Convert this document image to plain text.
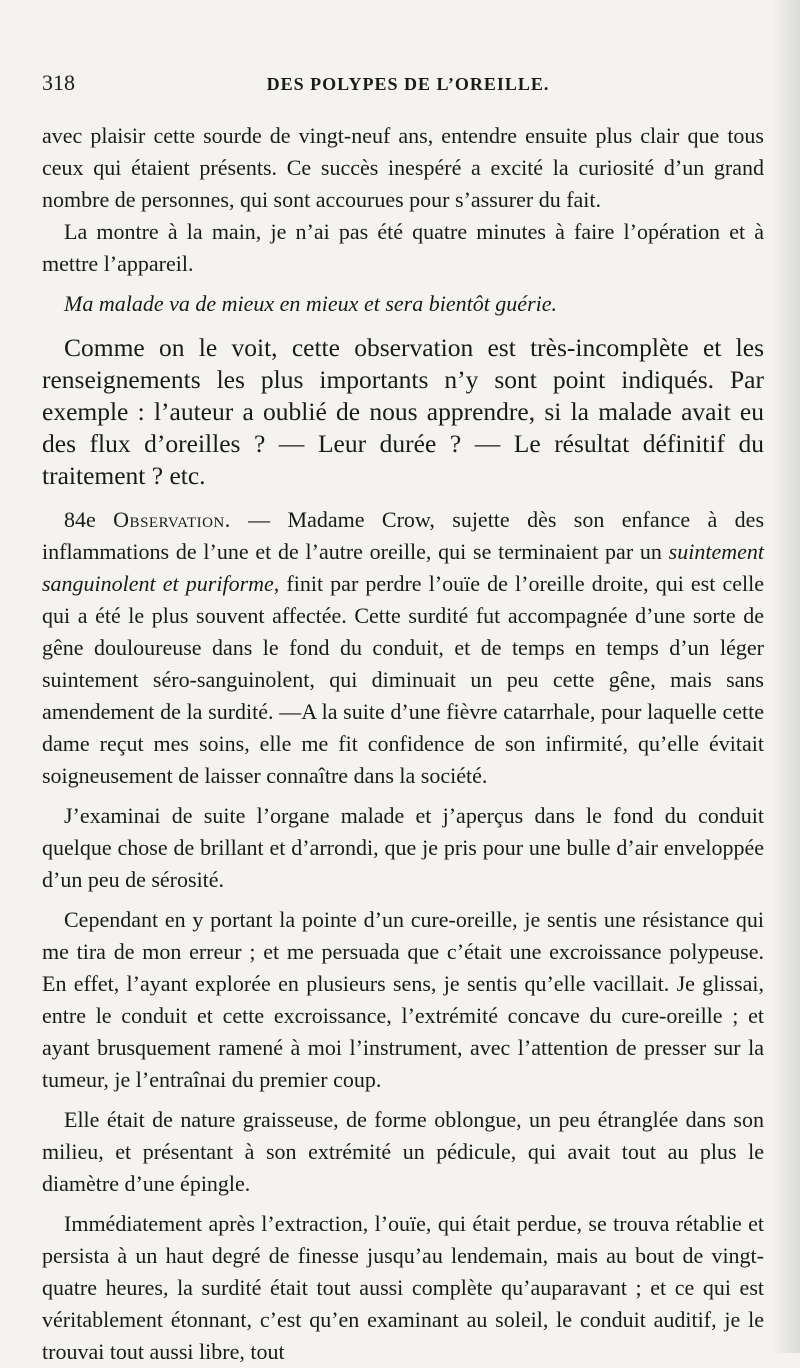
318	DES POLYPES DE L’OREILLE.

avec plaisir cette sourde de vingt-neuf ans, entendre ensuite plus clair que tous ceux qui étaient présents. Ce succès inespéré a excité la curiosité d’un grand nombre de personnes, qui sont accourues pour s’assurer du fait.

La montre à la main, je n’ai pas été quatre minutes à faire l’opération et à mettre l’appareil.

Ma malade va de mieux en mieux et sera bientôt guérie.

Comme on le voit, cette observation est très-incomplète et les renseignements les plus importants n’y sont point indiqués. Par exemple : l’auteur a oublié de nous apprendre, si la malade avait eu des flux d’oreilles ? — Leur durée ? — Le résultat définitif du traitement ? etc.

84e Observation. — Madame Crow, sujette dès son enfance à des inflammations de l’une et de l’autre oreille, qui se terminaient par un suintement sanguinolent et puriforme, finit par perdre l’ouïe de l’oreille droite, qui est celle qui a été le plus souvent affectée. Cette surdité fut accompagnée d’une sorte de gêne douloureuse dans le fond du conduit, et de temps en temps d’un léger suintement séro-sanguinolent, qui diminuait un peu cette gêne, mais sans amendement de la surdité. —A la suite d’une fièvre catarrhale, pour laquelle cette dame reçut mes soins, elle me fit confidence de son infirmité, qu’elle évitait soigneusement de laisser connaître dans la société.

J’examinai de suite l’organe malade et j’aperçus dans le fond du conduit quelque chose de brillant et d’arrondi, que je pris pour une bulle d’air enveloppée d’un peu de sérosité.

Cependant en y portant la pointe d’un cure-oreille, je sentis une résistance qui me tira de mon erreur ; et me persuada que c’était une excroissance polypeuse. En effet, l’ayant explorée en plusieurs sens, je sentis qu’elle vacillait. Je glissai, entre le conduit et cette excroissance, l’extrémité concave du cure-oreille ; et ayant brusquement ramené à moi l’instrument, avec l’attention de presser sur la tumeur, je l’entraînai du premier coup.

Elle était de nature graisseuse, de forme oblongue, un peu étranglée dans son milieu, et présentant à son extrémité un pédicule, qui avait tout au plus le diamètre d’une épingle.

Immédiatement après l’extraction, l’ouïe, qui était perdue, se trouva rétablie et persista à un haut degré de finesse jusqu’au lendemain, mais au bout de vingt-quatre heures, la surdité était tout aussi complète qu’auparavant ; et ce qui est véritablement étonnant, c’est qu’en examinant au soleil, le conduit auditif, je le trouvai tout aussi libre, tout
